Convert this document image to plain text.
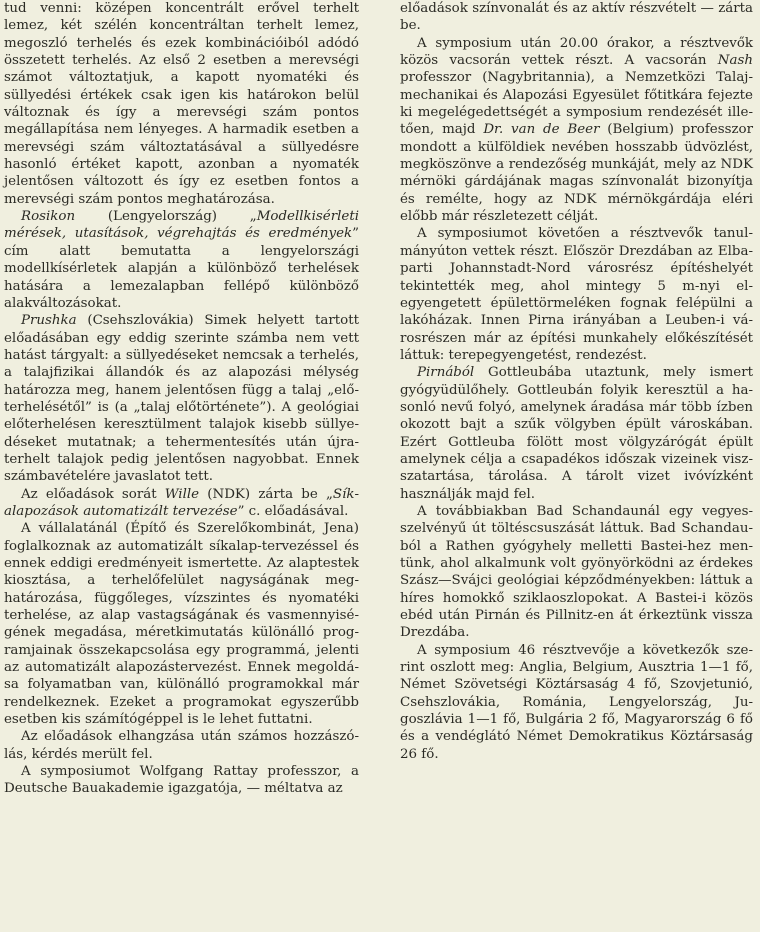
tud venni: középen koncentrált erővel terhelt lemez, két szélén koncentráltan terhelt lemez, megoszló terhelés és ezek kombinációiból adódó összetett terhelés. Az első 2 esetben a merevségi számot változtatjuk, a kapott nyomatéki és süllyedési értékek csak igen kis határokon belül változnak és így a merevségi szám pontos megállapítása nem lényeges. A harmadik esetben a merevségi szám változtatásával a süllyedésre hasonló értéket kapott, azonban a nyomaték jelentősen változott és így ez esetben fontos a merevségi szám pontos meghatározása.

Rosikon (Lengyelország) „Modellkisérleti mérések, utasítások, végrehajtás és eredmények” cím alatt bemutatta a lengyelországi modellkísérletek alapján a különböző terhelések hatására a lemezalapban fellépő különböző alakváltozásokat.

Prushka (Csehszlovákia) Simek helyett tartott előadásában egy eddig szerinte számba nem vett hatást tárgyalt: a süllyedéseket nemcsak a terhelés, a talajfizikai állandók és az alapozási mélység határozza meg, hanem jelentősen függ a talaj „előterhelésétől” is (a „talaj előtörténete”). A geológiai előterhelésen keresztülment talajok kisebb süllyedéseket mutatnak; a tehermentesítés után újraterhelt talajok pedig jelentősen nagyobbat. Ennek számbavételére javaslatot tett.

Az előadások sorát Wille (NDK) zárta be „Síkalapozások automatizált tervezése” c. előadásával.

A vállalatánál (Építő és Szerelőkombinát, Jena) foglalkoznak az automatizált síkalap-tervezéssel és ennek eddigi eredményeit ismertette. Az alaptestek kiosztása, a terhelőfelület nagyságának meghatározása, függőleges, vízszintes és nyomatéki terhelése, az alap vastagságának és vasmennyiségének megadása, méretkimutatás különálló programjainak összekapcsolása egy programmá, jelenti az automatizált alapozástervezést. Ennek megoldása folyamatban van, különálló programokkal már rendelkeznek. Ezeket a programokat egyszerűbb esetben kis számítógéppel is le lehet futtatni.

Az előadások elhangzása után számos hozzászólás, kérdés merült fel.

A symposiumot Wolfgang Rattay professzor, a Deutsche Bauakademie igazgatója, — méltatva az

előadások színvonalát és az aktív részvételt — zárta be.

A symposium után 20.00 órakor, a résztvevők közös vacsorán vettek részt. A vacsorán Nash professzor (Nagybritannia), a Nemzetközi Talajmechanikai és Alapozási Egyesület főtitkára fejezte ki megelégedettségét a symposium rendezését illetően, majd Dr. van de Beer (Belgium) professzor mondott a külföldiek nevében hosszabb üdvözlést, megköszönve a rendezőség munkáját, mely az NDK mérnöki gárdájának magas színvonalát bizonyítja és remélte, hogy az NDK mérnökgárdája eléri előbb már részletezett célját.

A symposiumot követően a résztvevők tanulmányúton vettek részt. Először Drezdában az Elba-parti Johannstadt-Nord városrész építéshelyét tekintették meg, ahol mintegy 5 m-nyi elegyengetett épülettörmeléken fognak felépülni a lakóházak. Innen Pirna irányában a Leuben-i városrészen már az építési munkahely előkészítését láttuk: terepegyengetést, rendezést.

Pirnából Gottleubába utaztunk, mely ismert gyógyüdülőhely. Gottleubán folyik keresztül a hasonló nevű folyó, amelynek áradása már több ízben okozott bajt a szűk völgyben épült városkában. Ezért Gottleuba fölött most völgyzárógát épült amelynek célja a csapadékos időszak vizeinek viszszatartása, tárolása. A tárolt vizet ivóvízként használják majd fel.

A továbbiakban Bad Schandaunál egy vegyesszelvényű út töltéscsuszását láttuk. Bad Schandauból a Rathen gyógyhely melletti Bastei-hez mentünk, ahol alkalmunk volt gyönyörködni az érdekes Szász—Svájci geológiai képződményekben: láttuk a híres homokkő sziklaoszlopokat. A Bastei-i közös ebéd után Pirnán és Pillnitz-en át érkeztünk vissza Drezdába.

A symposium 46 résztvevője a következők szerint oszlott meg: Anglia, Belgium, Ausztria 1—1 fő, Német Szövetségi Köztársaság 4 fő, Szovjetunió, Csehszlovákia, Románia, Lengyelország, Jugoszlávia 1—1 fő, Bulgária 2 fő, Magyarország 6 fő és a vendéglátó Német Demokratikus Köztársaság 26 fő.
